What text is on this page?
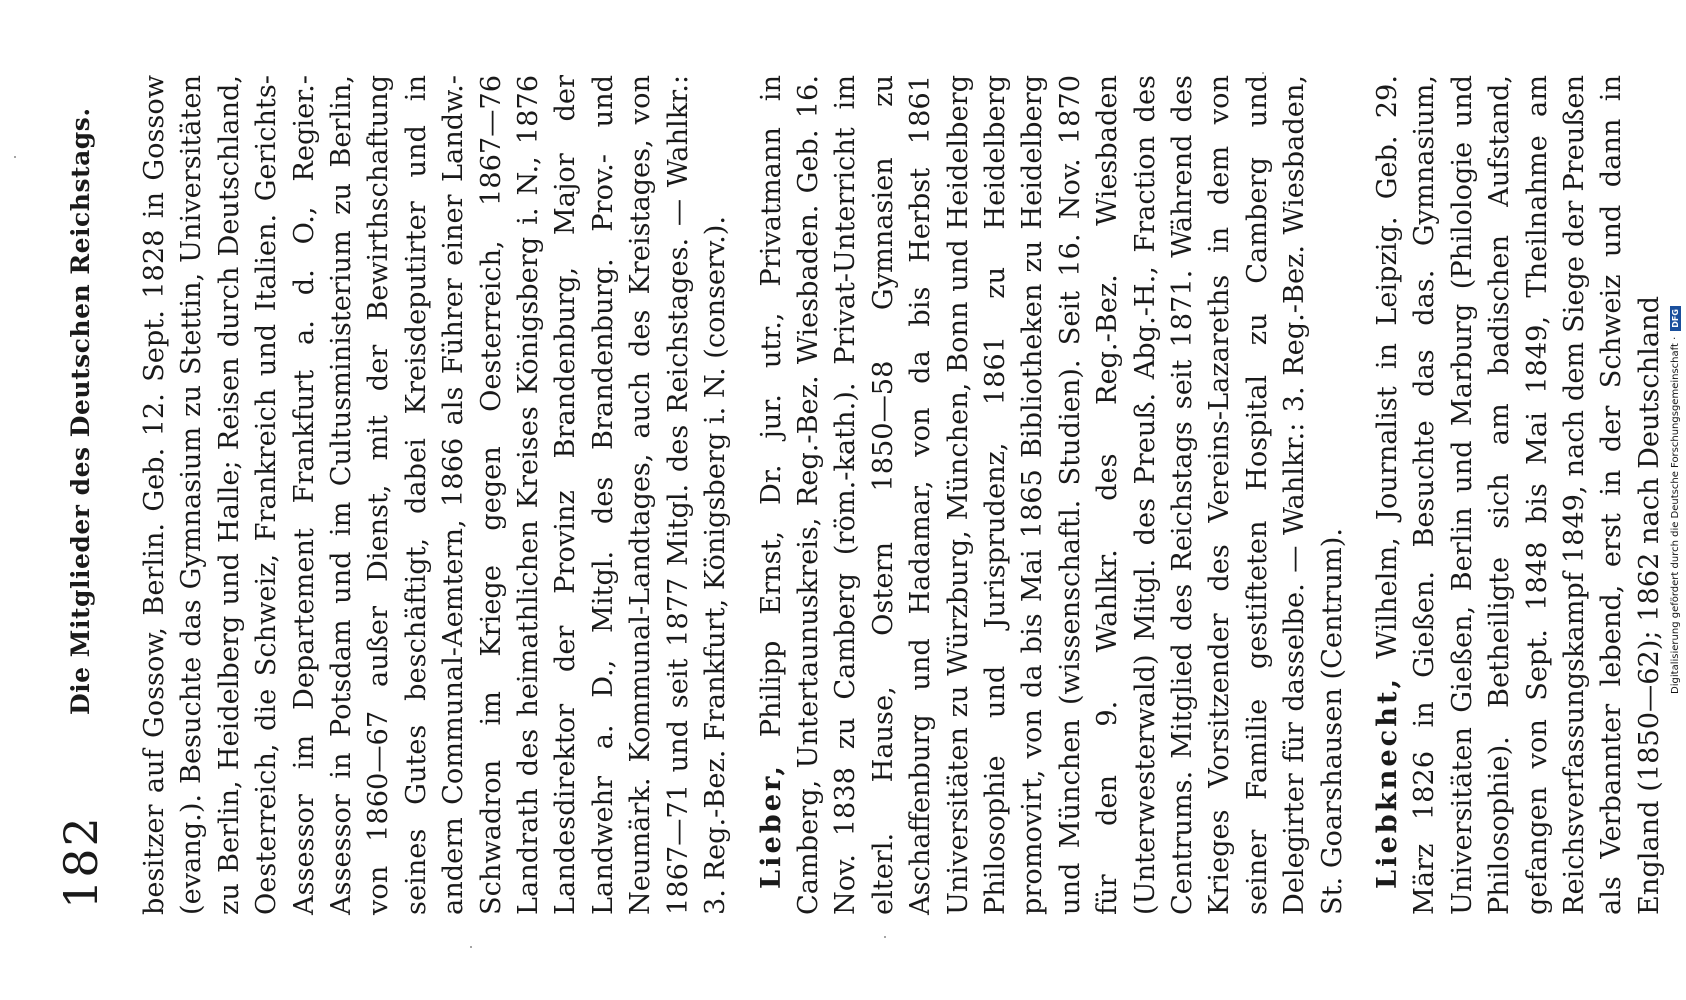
182
Die Mitglieder des Deutschen Reichstags. besitzer auf Gossow, Berlin. Geb. 12. Sept. 1828 in Gossow (evang.). Besuchte das Gymnasium zu Stettin, Universitäten zu Berlin, Heidelberg und Halle; Reisen durch Deutschland, Oesterreich, die Schweiz, Frankreich und Italien. Gerichts-Assessor im Departement Frankfurt a. d. O., Regier.-Assessor in Potsdam und im Cultusministerium zu Berlin, von 1860—67 außer Dienst, mit der Bewirthschaftung seines Gutes beschäftigt, dabei Kreisdeputirter und in andern Communal-Aemtern, 1866 als Führer einer Landw.-Schwadron im Kriege gegen Oesterreich, 1867—76 Landrath des heimathlichen Kreises Königsberg i. N., 1876 Landesdirektor der Provinz Brandenburg, Major der Landwehr a. D., Mitgl. des Brandenburg. Prov.- und Neumärk. Kommunal-Landtages, auch des Kreistages, von 1867—71 und seit 1877 Mitgl. des Reichstages. — Wahlkr.: 3. Reg.-Bez. Frankfurt, Königsberg i. N. (conserv.). Lieber, Philipp Ernst, Dr. jur. utr., Privatmann in Camberg, Untertaunuskreis, Reg.-Bez. Wiesbaden. Geb. 16. Nov. 1838 zu Camberg (röm.-kath.). Privat-Unterricht im elterl. Hause, Ostern 1850—58 Gymnasien zu Aschaffenburg und Hadamar, von da bis Herbst 1861 Universitäten zu Würzburg, München, Bonn und Heidelberg Philosophie und Jurisprudenz, 1861 zu Heidelberg promovirt, von da bis Mai 1865 Bibliotheken zu Heidelberg und München (wissenschaftl. Studien). Seit 16. Nov. 1870 für den 9. Wahlkr. des Reg.-Bez. Wiesbaden (Unterwesterwald) Mitgl. des Preuß. Abg.-H., Fraction des Centrums. Mitglied des Reichstags seit 1871. Während des Krieges Vorsitzender des Vereins-Lazareths in dem von seiner Familie gestifteten Hospital zu Camberg und Delegirter für dasselbe. — Wahlkr.: 3. Reg.-Bez. Wiesbaden, St. Goarshausen (Centrum). Liebknecht, Wilhelm, Journalist in Leipzig. Geb. 29. März 1826 in Gießen. Besuchte das das. Gymnasium, Universitäten Gießen, Berlin und Marburg (Philologie und Philosophie). Betheiligte sich am badischen Aufstand, gefangen von Sept. 1848 bis Mai 1849, Theilnahme am Reichsverfassungskampf 1849, nach dem Siege der Preußen als Verbannter lebend, erst in der Schweiz und dann in England (1850—62); 1862 nach Deutschland Digitalisierung gefördert durch die Deutsche Forschungsgemeinschaft ·
DFG
